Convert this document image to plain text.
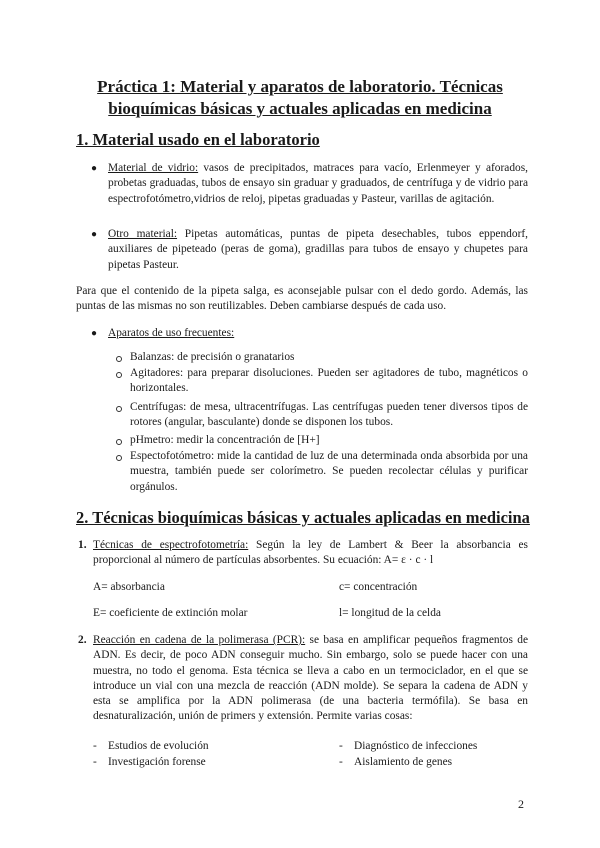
Práctica 1: Material y aparatos de laboratorio. Técnicas
bioquímicas básicas y actuales aplicadas en medicina
1. Material usado en el laboratorio
● Material de vidrio: vasos de precipitados, matraces para vacío, Erlenmeyer y aforados, probetas graduadas, tubos de ensayo sin graduar y graduados, de centrífuga y de vidrio para espectrofotómetro,vidrios de reloj, pipetas graduadas y Pasteur, varillas de agitación.
● Otro material: Pipetas automáticas, puntas de pipeta desechables, tubos eppendorf, auxiliares de pipeteado (peras de goma), gradillas para tubos de ensayo y chupetes para pipetas Pasteur.
Para que el contenido de la pipeta salga, es aconsejable pulsar con el dedo gordo. Además, las puntas de las mismas no son reutilizables. Deben cambiarse después de cada uso.
● Aparatos de uso frecuentes:
Balanzas: de precisión o granatarios
Agitadores: para preparar disoluciones. Pueden ser agitadores de tubo, magnéticos o horizontales.
Centrífugas: de mesa, ultracentrífugas. Las centrífugas pueden tener diversos tipos de rotores (angular, basculante) donde se disponen los tubos.
pHmetro: medir la concentración de [H+]
Espectofotómetro: mide la cantidad de luz de una determinada onda absorbida por una muestra, también puede ser colorímetro. Se pueden recolectar células y purificar orgánulos.
2. Técnicas bioquímicas básicas y actuales aplicadas en medicina
1. Técnicas de espectrofotometría: Según la ley de Lambert & Beer la absorbancia es proporcional al número de partículas absorbentes. Su ecuación: A= ε · c · l
A= absorbancia	c= concentración
E= coeficiente de extinción molar	l= longitud de la celda
2. Reacción en cadena de la polimerasa (PCR): se basa en amplificar pequeños fragmentos de ADN. Es decir, de poco ADN conseguir mucho. Sin embargo, solo se puede hacer con una muestra, no todo el genoma. Esta técnica se lleva a cabo en un termociclador, en el que se introduce un vial con una mezcla de reacción (ADN molde). Se separa la cadena de ADN y esta se amplifica por la ADN polimerasa (de una bacteria termófila). Se basa en desnaturalización, unión de primers y extensión. Permite varias cosas:
- Estudios de evolución	- Diagnóstico de infecciones
- Investigación forense	- Aislamiento de genes
2
